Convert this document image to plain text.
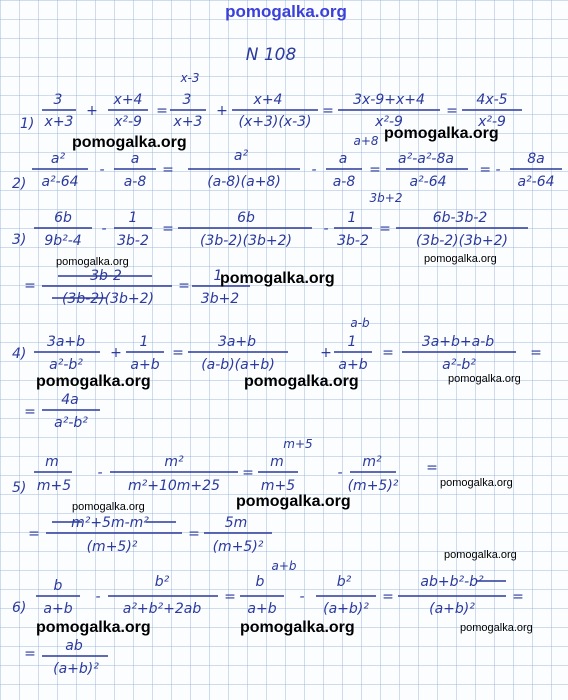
pomogalka.org
N 108
1)
3
x+3
+
x+4
x²-9
=
x-3
3
x+3
+
x+4
(x+3)(x-3)
=
3x-9+x+4
x²-9
=
4x-5
x²-9
pomogalka.org
pomogalka.org
2)
a²
a²-64
-
a
a-8
=
a²
(a-8)(a+8)
-
a+8
a
a-8
=
a²-a²-8a
a²-64
= -
8a
a²-64
3)
6b
9b²-4
-
1
3b-2
=
6b
(3b-2)(3b+2)
-
3b+2
1
3b-2
=
6b-3b-2
(3b-2)(3b+2)
=
3b-2
(3b-2)(3b+2)
=
1
3b+2
pomogalka.org	pomogalka.org
pomogalka.org
4)
3a+b
a²-b²
+
1
a+b
=
3a+b
(a-b)(a+b)
+
a-b
1
a+b
=
3a+b+a-b
a²-b²
=
=
4a
a²-b²
pomogalka.org	pomogalka.org	pomogalka.org
5)
m
m+5
-
m²
m²+10m+25
=
m+5
m
m+5
-
m²
(m+5)²
=
=
m²+5m-m²
(m+5)²
=
5m
(m+5)²
pomogalka.org
pomogalka.org	pomogalka.org
pomogalka.org
6)
b
a+b
-
b²
a²+b²+2ab
=
a+b
b
a+b
-
b²
(a+b)²
=
ab+b²-b²
(a+b)²
=
= ab
(a+b)²
pomogalka.org	pomogalka.org	pomogalka.org
